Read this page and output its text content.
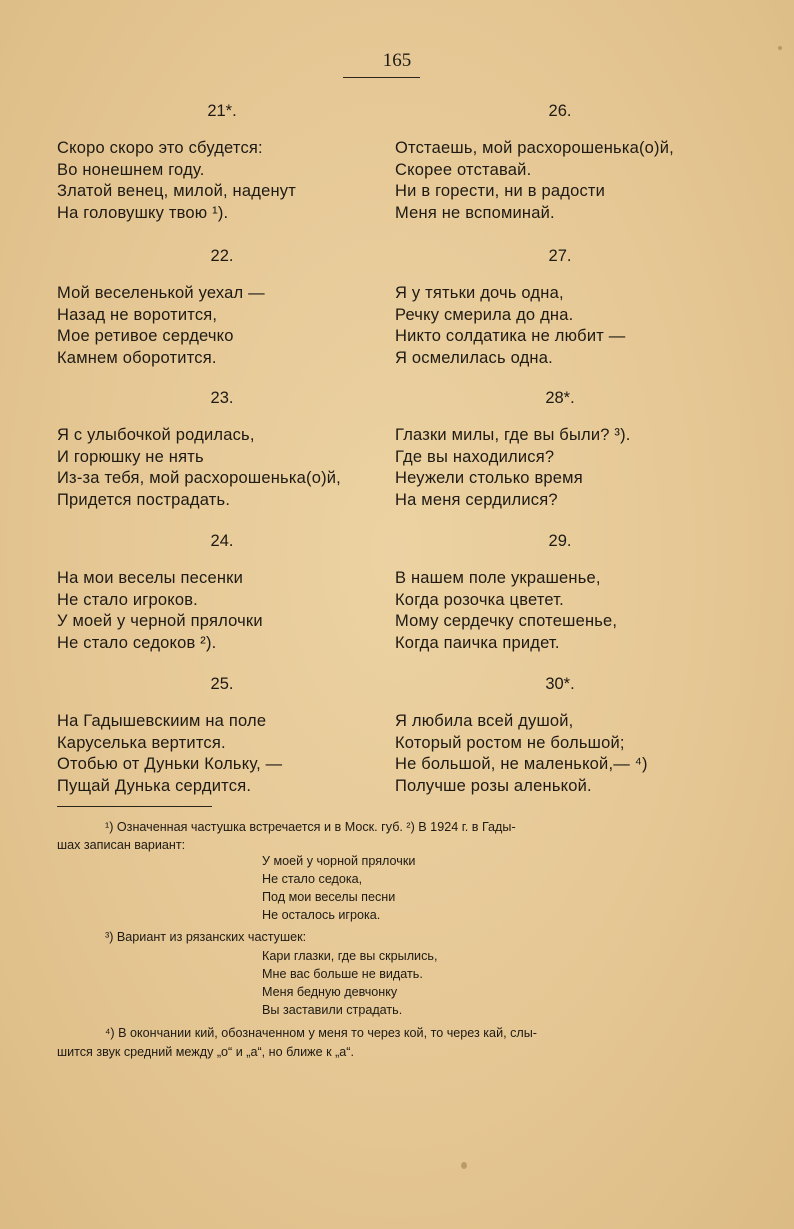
165
21*.
Скоро скоро это сбудется:
Во нонешнем году.
Златой венец, милой, наденут
На головушку твою ¹).
22.
Мой веселенькой уехал —
Назад не воротится,
Мое ретивое сердечко
Камнем оборотится.
23.
Я с улыбочкой родилась,
И горюшку не нять
Из-за тебя, мой расхорошенька(о)й,
Придется пострадать.
24.
На мои веселы песенки
Не стало игроков.
У моей у черной прялочки
Не стало седоков ²).
25.
На Гадышевскиим на поле
Каруселька вертится.
Отобью от Дуньки Кольку, —
Пущай Дунька сердится.
26.
Отстаешь, мой расхорошенька(о)й,
Скорее отставай.
Ни в горести, ни в радости
Меня не вспоминай.
27.
Я у тятьки дочь одна,
Речку смерила до дна.
Никто солдатика не любит —
Я осмелилась одна.
28*.
Глазки милы, где вы были? ³).
Где вы находилися?
Неужели столько время
На меня сердилися?
29.
В нашем поле украшенье,
Когда розочка цветет.
Мому сердечку спотешенье,
Когда паичка придет.
30*.
Я любила всей душой,
Который ростом не большой;
Не большой, не маленькой,— ⁴)
Получше розы аленькой.
¹) Означенная частушка встречается и в Моск. губ. ²) В 1924 г. в Гады-
шах записан вариант:
У моей у чорной прялочки
Не стало седока,
Под мои веселы песни
Не осталось игрока.
³) Вариант из рязанских частушек:
Кари глазки, где вы скрылись,
Мне вас больше не видать.
Меня бедную девчонку
Вы заставили страдать.
⁴) В окончании кий, обозначенном у меня то через кой, то через кай, слы-
шится звук средний между „о“ и „а“, но ближе к „а“.
